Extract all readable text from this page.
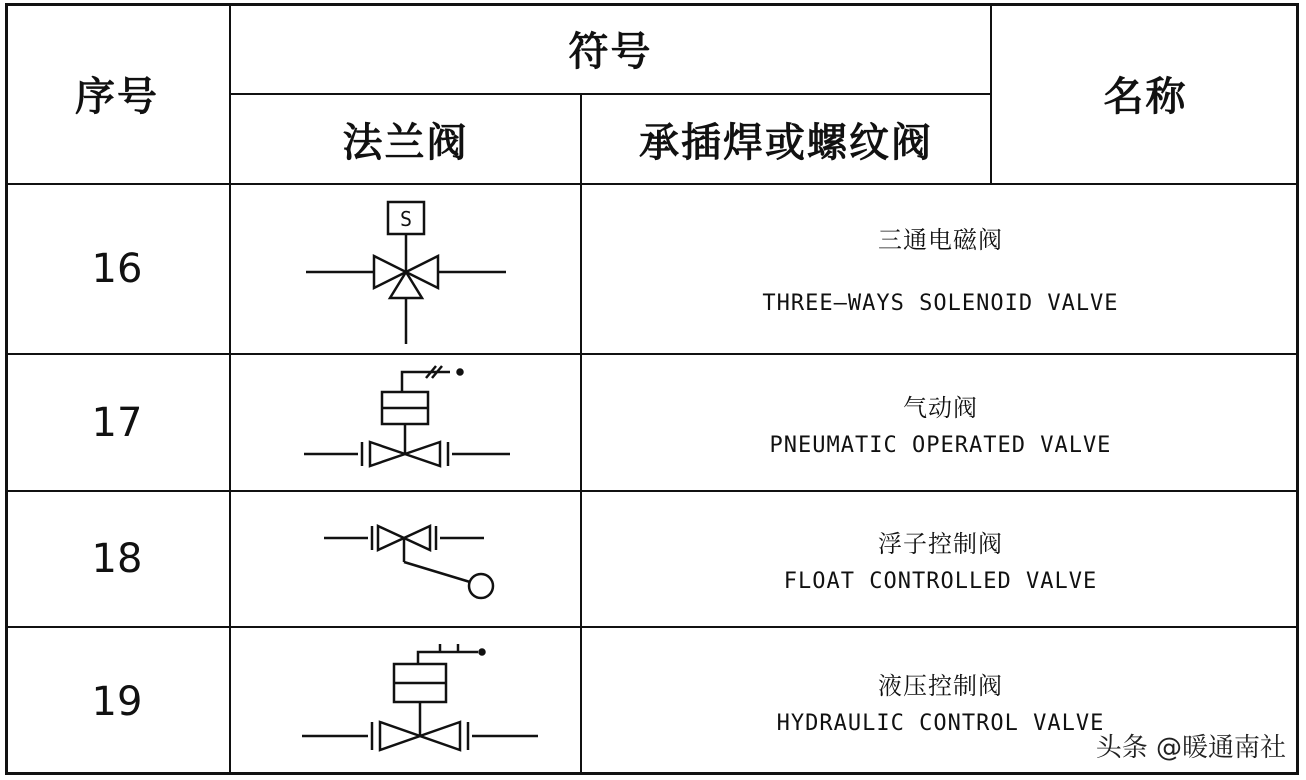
序号
符号
法兰阀	承插焊或螺纹阀
名称
16
17
18
19
三通电磁阀
THREE—WAYS SOLENOID VALVE
气动阀
PNEUMATIC OPERATED VALVE
浮子控制阀
FLOAT CONTROLLED VALVE
液压控制阀
HYDRAULIC CONTROL VALVE
S
头条 @暖通南社
